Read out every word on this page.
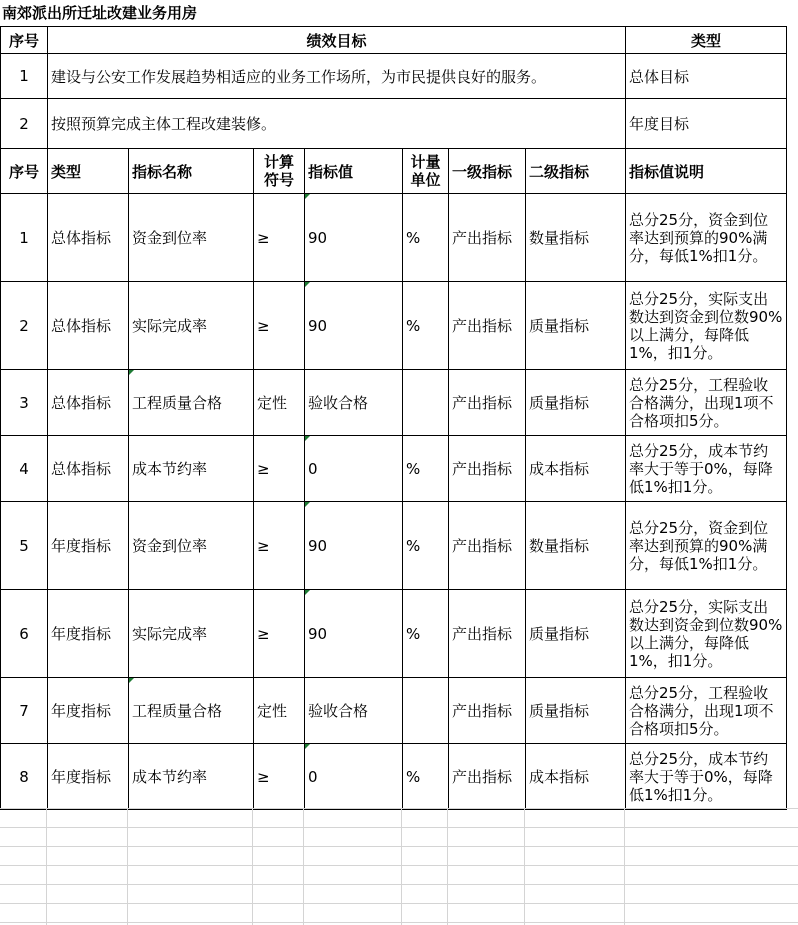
南郊派出所迁址改建业务用房
序号	绩效目标							类型
1	建设与公安工作发展趋势相适应的业务工作场所，为市民提供良好的服务。							总体目标
2	按照预算完成主体工程改建装修。							年度目标
序号	类型	指标名称	计算符号	指标值	计量单位	一级指标	二级指标	指标值说明
1	总体指标	资金到位率	≥	90	%	产出指标	数量指标	总分25分，资金到位率达到预算的90%满分，每低1%扣1分。
2	总体指标	实际完成率	≥	90	%	产出指标	质量指标	总分25分，实际支出数达到资金到位数90%以上满分，每降低1%，扣1分。
3	总体指标	工程质量合格	定性	验收合格		产出指标	质量指标	总分25分，工程验收合格满分，出现1项不合格项扣5分。
4	总体指标	成本节约率	≥	0	%	产出指标	成本指标	总分25分，成本节约率大于等于0%，每降低1%扣1分。
5	年度指标	资金到位率	≥	90	%	产出指标	数量指标	总分25分，资金到位率达到预算的90%满分，每低1%扣1分。
6	年度指标	实际完成率	≥	90	%	产出指标	质量指标	总分25分，实际支出数达到资金到位数90%以上满分，每降低1%，扣1分。
7	年度指标	工程质量合格	定性	验收合格		产出指标	质量指标	总分25分，工程验收合格满分，出现1项不合格项扣5分。
8	年度指标	成本节约率	≥	0	%	产出指标	成本指标	总分25分，成本节约率大于等于0%，每降低1%扣1分。
